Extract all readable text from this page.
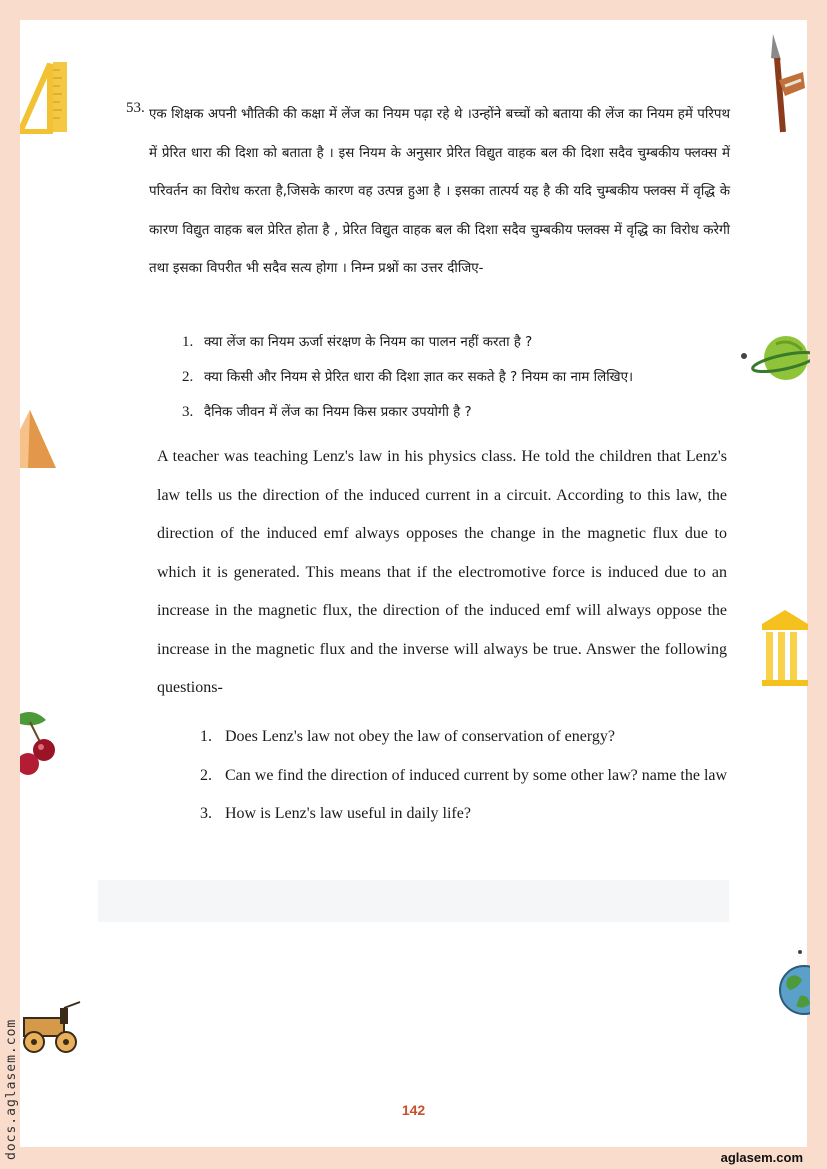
53. एक शिक्षक अपनी भौतिकी की कक्षा में लेंज का नियम पढ़ा रहे थे ।उन्होंने बच्चों को बताया की लेंज का नियम हमें परिपथ में प्रेरित धारा की दिशा को बताता है । इस नियम के अनुसार प्रेरित विद्युत वाहक बल की दिशा सदैव चुम्बकीय फ्लक्स में परिवर्तन का विरोध करता है,जिसके कारण वह उत्पन्न हुआ है । इसका तात्पर्य यह है की यदि चुम्बकीय फ्लक्स में वृद्धि के कारण विद्युत वाहक बल प्रेरित होता है , प्रेरित विद्युत वाहक बल की दिशा सदैव चुम्बकीय फ्लक्स में वृद्धि का विरोध करेगी तथा इसका विपरीत भी सदैव सत्य होगा । निम्न प्रश्नों का उत्तर दीजिए-

1. क्या लेंज का नियम ऊर्जा संरक्षण के नियम का पालन नहीं करता है ?
2. क्या किसी और नियम से प्रेरित धारा की दिशा ज्ञात कर सकते है ? नियम का नाम लिखिए।
3. दैनिक जीवन में लेंज का नियम किस प्रकार उपयोगी है ?

A teacher was teaching Lenz's law in his physics class. He told the children that Lenz's law tells us the direction of the induced current in a circuit. According to this law, the direction of the induced emf always opposes the change in the magnetic flux due to which it is generated. This means that if the electromotive force is induced due to an increase in the magnetic flux, the direction of the induced emf will always oppose the increase in the magnetic flux and the inverse will always be true. Answer the following questions-

1. Does Lenz's law not obey the law of conservation of energy?
2. Can we find the direction of induced current by some other law? name the law
3. How is Lenz's law useful in daily life?
142
aglasem.com
docs.aglasem.com
